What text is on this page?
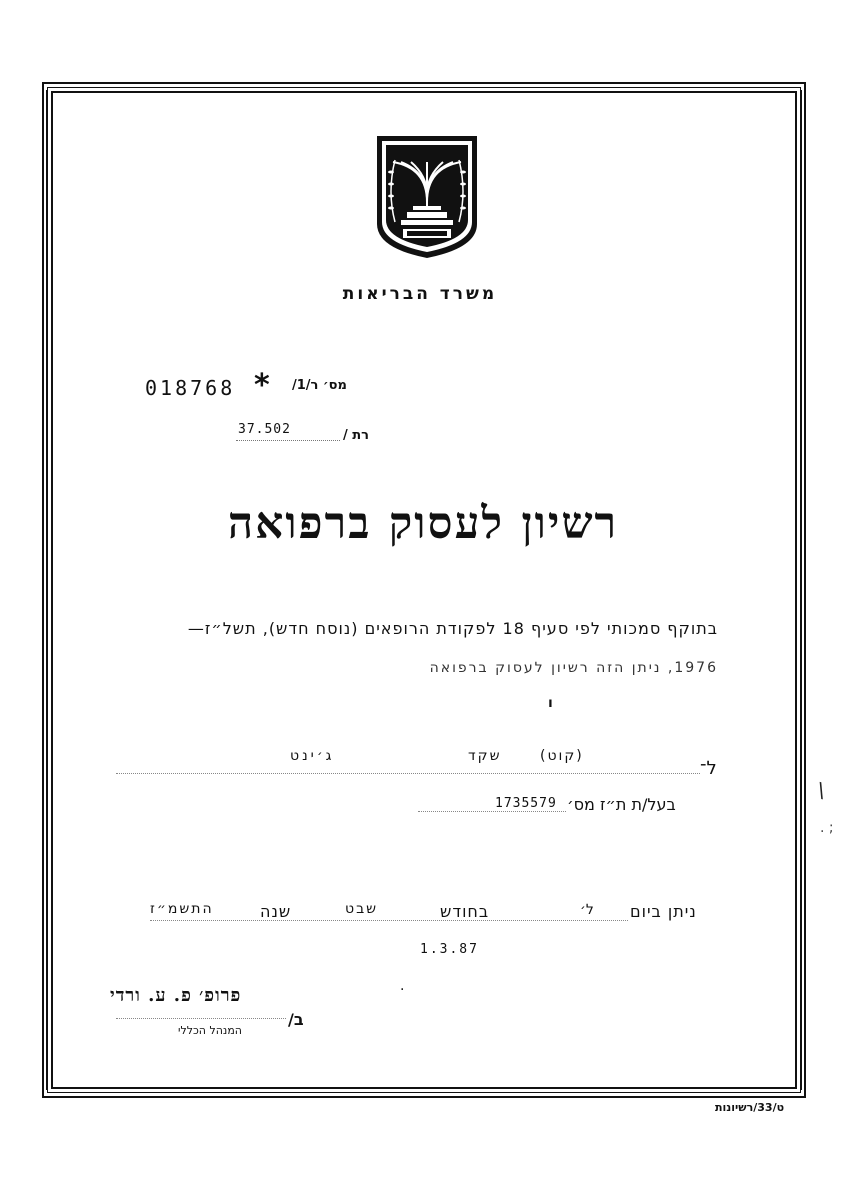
משרד הבריאות
018768 * מס׳ ר/1/
37.502	רת /
רשיון לעסוק ברפואה
בתוקף סמכותי לפי סעיף 18 לפקודת הרופאים (נוסח חדש), תשל״ז—
1976, ניתן הזה רשיון לעסוק ברפואה
ו
ל־
(קוט)
שקד
ג׳ינט
בעל/ת ת״ז מס׳
1735579
\
. ;
ניתן ביום
ל׳
בחודש
שבט
שנה
התשמ״ז
1.3.87
·
פרופ׳ פ. ע. ורדי
ב/
המנהל הכללי
ט/33/רשיונות
